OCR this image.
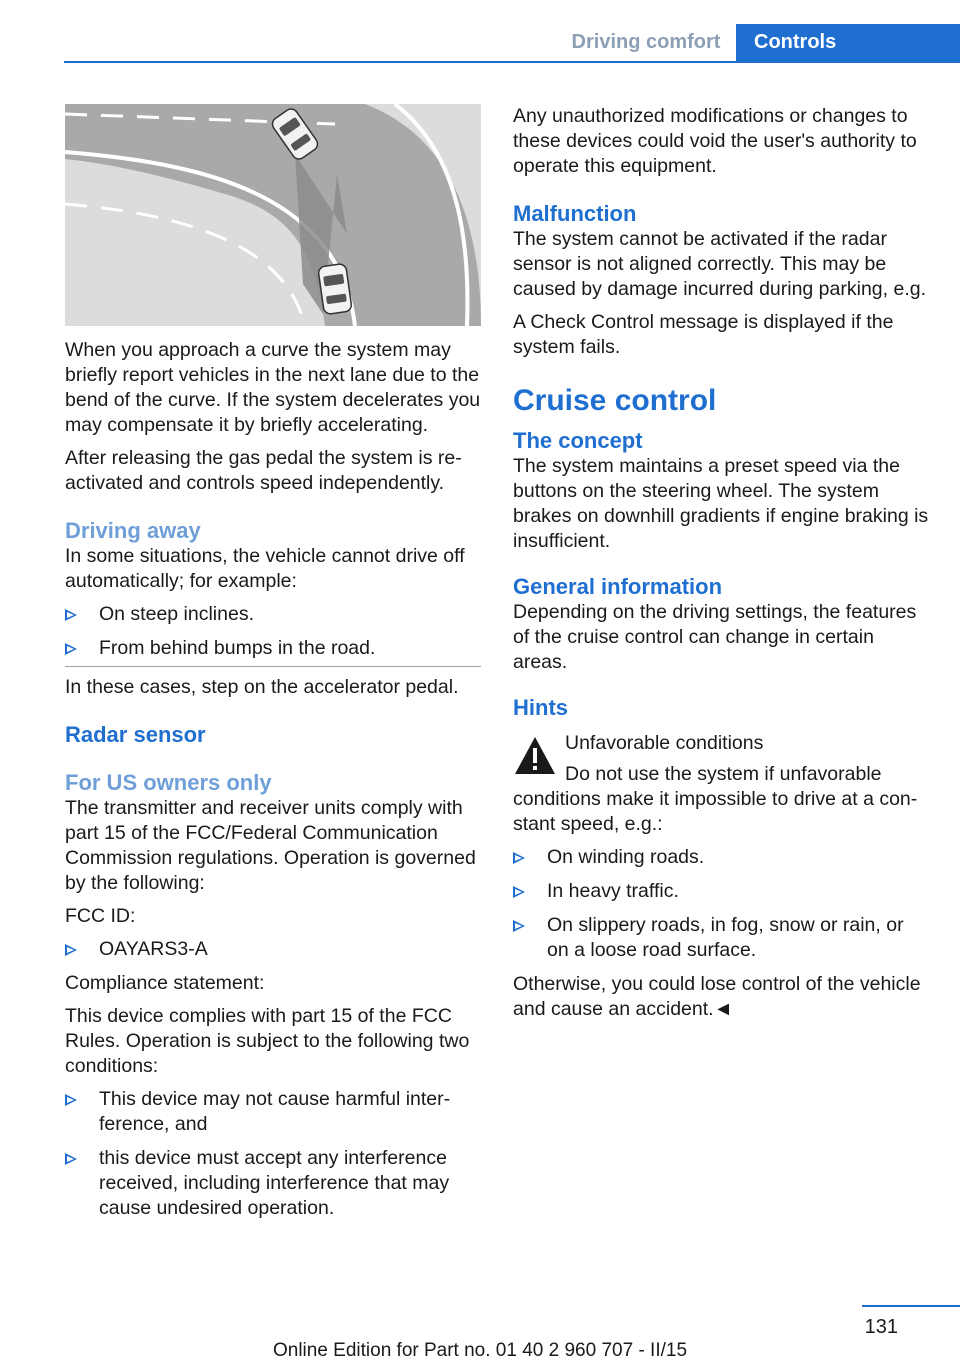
Driving comfort	Controls

When you approach a curve the system may briefly report vehicles in the next lane due to the bend of the curve. If the system decelerates you may compensate it by briefly accelerating.

After releasing the gas pedal the system is reactivated and controls speed independently.

Driving away

In some situations, the vehicle cannot drive off automatically; for example:

On steep inclines.
From behind bumps in the road.

In these cases, step on the accelerator pedal.

Radar sensor
For US owners only

The transmitter and receiver units comply with part 15 of the FCC/Federal Communication Commission regulations. Operation is governed by the following:

FCC ID:

OAYARS3-A

Compliance statement:

This device complies with part 15 of the FCC Rules. Operation is subject to the following two conditions:

This device may not cause harmful interference, and
this device must accept any interference received, including interference that may cause undesired operation.

Any unauthorized modifications or changes to these devices could void the user's authority to operate this equipment.

Malfunction

The system cannot be activated if the radar sensor is not aligned correctly. This may be caused by damage incurred during parking, e.g.

A Check Control message is displayed if the system fails.

Cruise control
The concept

The system maintains a preset speed via the buttons on the steering wheel. The system brakes on downhill gradients if engine braking is insufficient.

General information

Depending on the driving settings, the features of the cruise control can change in certain areas.

Hints

Unfavorable conditions

Do not use the system if unfavorable conditions make it impossible to drive at a constant speed, e.g.:

On winding roads.
In heavy traffic.
On slippery roads, in fog, snow or rain, or on a loose road surface.

Otherwise, you could lose control of the vehicle and cause an accident.◄

131
Online Edition for Part no. 01 40 2 960 707 - II/15
